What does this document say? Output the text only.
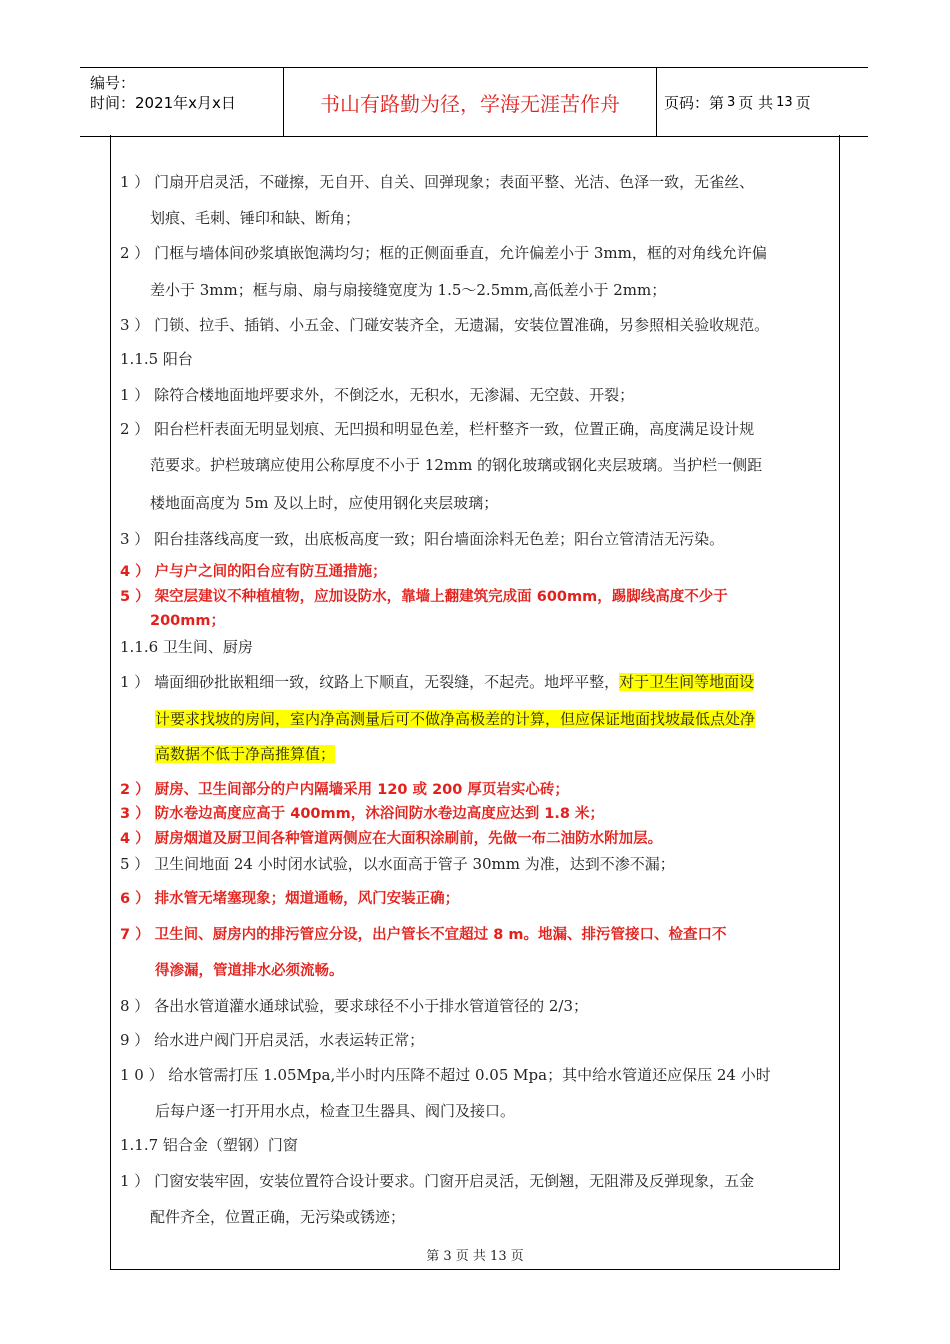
编号：
时间：2021年x月x日	书山有路勤为径，学海无涯苦作舟	页码：第 3 页 共 13 页
1 ） 门扇开启灵活，不碰擦，无自开、自关、回弹现象；表面平整、光洁、色泽一致，无雀丝、
划痕、毛刺、锤印和缺、断角；
2 ） 门框与墙体间砂浆填嵌饱满均匀；框的正侧面垂直，允许偏差小于 3mm，框的对角线允许偏
差小于 3mm；框与扇、扇与扇接缝宽度为 1.5～2.5mm,高低差小于 2mm；
3 ） 门锁、拉手、插销、小五金、门碰安装齐全，无遗漏，安装位置准确，另参照相关验收规范。
1.1.5 阳台
1 ） 除符合楼地面地坪要求外，不倒泛水，无积水，无渗漏、无空鼓、开裂；
2 ） 阳台栏杆表面无明显划痕、无凹损和明显色差，栏杆整齐一致，位置正确，高度满足设计规
范要求。护栏玻璃应使用公称厚度不小于 12mm 的钢化玻璃或钢化夹层玻璃。当护栏一侧距
楼地面高度为 5m 及以上时，应使用钢化夹层玻璃；
3 ） 阳台挂落线高度一致，出底板高度一致；阳台墙面涂料无色差；阳台立管清洁无污染。
4 ） 户与户之间的阳台应有防互通措施；
5 ） 架空层建议不种植植物，应加设防水，靠墙上翻建筑完成面 600mm，踢脚线高度不少于
200mm；
1.1.6 卫生间、厨房
1 ） 墙面细砂批嵌粗细一致，纹路上下顺直，无裂缝，不起壳。地坪平整，对于卫生间等地面设
计要求找坡的房间，室内净高测量后可不做净高极差的计算，但应保证地面找坡最低点处净
高数据不低于净高推算值；
2 ） 厨房、卫生间部分的户内隔墙采用 120 或 200 厚页岩实心砖；
3 ） 防水卷边高度应高于 400mm，沐浴间防水卷边高度应达到 1.8 米；
4 ） 厨房烟道及厨卫间各种管道两侧应在大面积涂刷前，先做一布二油防水附加层。
5 ） 卫生间地面 24 小时闭水试验，以水面高于管子 30mm 为准，达到不渗不漏；
6 ） 排水管无堵塞现象；烟道通畅，风门安装正确；
7 ） 卫生间、厨房内的排污管应分设，出户管长不宜超过 8 m。地漏、排污管接口、检查口不
得渗漏，管道排水必须流畅。
8 ） 各出水管道灌水通球试验，要求球径不小于排水管道管径的 2/3；
9 ） 给水进户阀门开启灵活，水表运转正常；
1 0 ） 给水管需打压 1.05Mpa,半小时内压降不超过 0.05 Mpa；其中给水管道还应保压 24 小时
后每户逐一打开用水点，检查卫生器具、阀门及接口。
1.1.7 铝合金（塑钢）门窗
1 ） 门窗安装牢固，安装位置符合设计要求。门窗开启灵活，无倒翘，无阻滞及反弹现象，五金
配件齐全，位置正确，无污染或锈迹；
第 3 页 共 13 页
